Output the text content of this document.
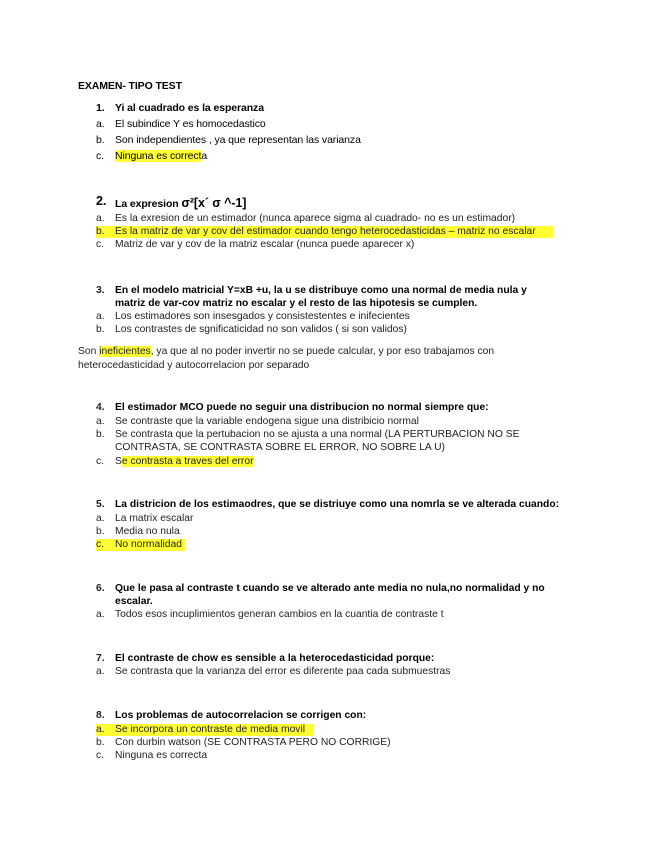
EXAMEN- TIPO TEST

1. Yi al cuadrado es la esperanza
a. El subindice Y es homocedastico
b. Son independientes , ya que representan las varianza
c. Ninguna es correcta
2. La expresion σ²[x´ σ ^-1]
a. Es la exresion de un estimador (nunca aparece sigma al cuadrado- no es un estimador)
b.	Es la matriz de var y cov del estimador cuando tengo heterocedasticidas – matriz no escalar
c. Matriz de var y cov de la matriz escalar (nunca puede aparecer x)
3. En el modelo matricial Y=xB +u, la u se distribuye como una normal de media nula y
matriz de var-cov matriz no escalar y el resto de las hipotesis se cumplen.
a. Los estimadores son insesgados y consistestentes e inifecientes
b. Los contrastes de sgnificaticidad no son validos ( si son validos)
Son ineficientes, ya que al no poder invertir no se puede calcular, y por eso trabajamos con
heterocedasticidad y autocorrelacion por separado
4. El estimador MCO puede no seguir una distribucion no normal siempre que:
a. Se contraste que la variable endogena sigue una distribicio normal
b. Se contrasta que la pertubacion no se ajusta a una normal (LA PERTURBACION NO SE
CONTRASTA, SE CONTRASTA SOBRE EL ERROR, NO SOBRE LA U)
c. Se contrasta a traves del error
5. La districion de los estimaodres, que se distriuye como una nomrla se ve alterada cuando:
a. La matrix escalar
b. Media no nula
c.	No normalidad
6. Que le pasa al contraste t cuando se ve alterado ante media no nula,no normalidad y no
escalar.
a. Todos esos incuplimientos generan cambios en la cuantia de contraste t
7. El contraste de chow es sensible a la heterocedasticidad porque:
a. Se contrasta que la varianza del error es diferente paa cada submuestras
8. Los problemas de autocorrelacion se corrigen con:
a.	Se incorpora un contraste de media movil
b. Con durbin watson (SE CONTRASTA PERO NO CORRIGE)
c. Ninguna es correcta
